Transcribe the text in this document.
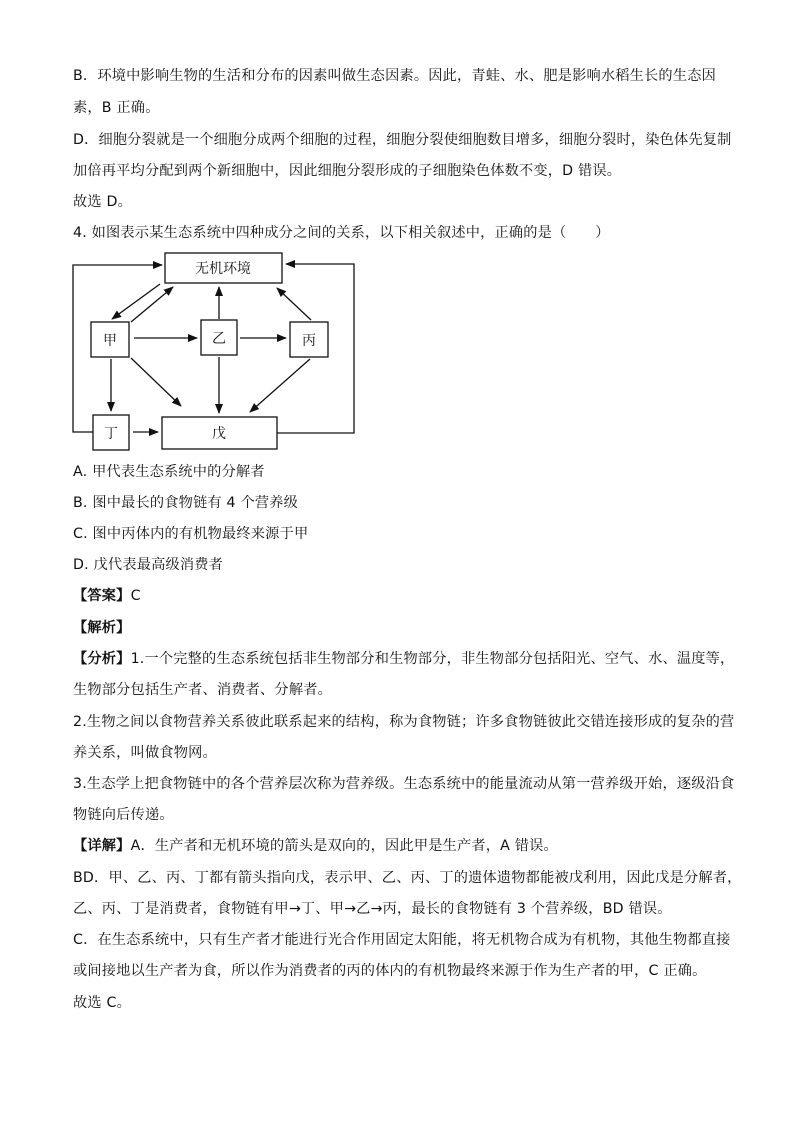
B．环境中影响生物的生活和分布的因素叫做生态因素。因此，青蛙、水、肥是影响水稻生长的生态因
素，B 正确。
D．细胞分裂就是一个细胞分成两个细胞的过程，细胞分裂使细胞数目增多，细胞分裂时，染色体先复制
加倍再平均分配到两个新细胞中，因此细胞分裂形成的子细胞染色体数不变，D 错误。
故选 D。
4. 如图表示某生态系统中四种成分之间的关系，以下相关叙述中，正确的是（　　）
无机环境
甲	乙	丙
丁	戊
A. 甲代表生态系统中的分解者
B. 图中最长的食物链有 4 个营养级
C. 图中丙体内的有机物最终来源于甲
D. 戊代表最高级消费者
【答案】C
【解析】
【分析】1.一个完整的生态系统包括非生物部分和生物部分，非生物部分包括阳光、空气、水、温度等，
生物部分包括生产者、消费者、分解者。
2.生物之间以食物营养关系彼此联系起来的结构，称为食物链；许多食物链彼此交错连接形成的复杂的营
养关系，叫做食物网。
3.生态学上把食物链中的各个营养层次称为营养级。生态系统中的能量流动从第一营养级开始，逐级沿食
物链向后传递。
【详解】A．生产者和无机环境的箭头是双向的，因此甲是生产者，A 错误。
BD．甲、乙、丙、丁都有箭头指向戊，表示甲、乙、丙、丁的遗体遗物都能被戊利用，因此戊是分解者，
乙、丙、丁是消费者，食物链有甲→丁、甲→乙→丙，最长的食物链有 3 个营养级，BD 错误。
C．在生态系统中，只有生产者才能进行光合作用固定太阳能，将无机物合成为有机物，其他生物都直接
或间接地以生产者为食，所以作为消费者的丙的体内的有机物最终来源于作为生产者的甲，C 正确。
故选 C。
